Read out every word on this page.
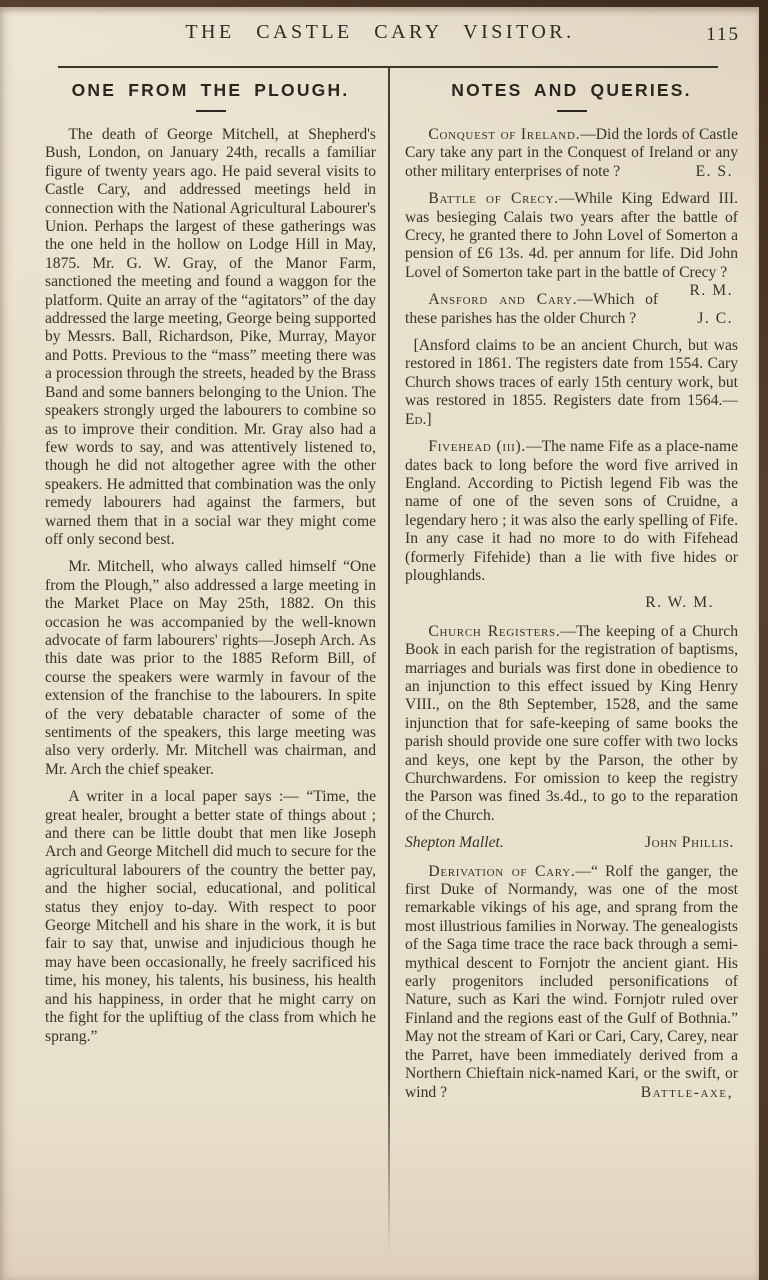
THE CASTLE CARY VISITOR.	115
ONE FROM THE PLOUGH.

The death of George Mitchell, at Shepherd's Bush, London, on January 24th, recalls a familiar figure of twenty years ago. He paid several visits to Castle Cary, and addressed meetings held in connection with the National Agricultural Labourer's Union. Perhaps the largest of these gatherings was the one held in the hollow on Lodge Hill in May, 1875. Mr. G. W. Gray, of the Manor Farm, sanctioned the meeting and found a waggon for the platform. Quite an array of the “agitators” of the day addressed the large meeting, George being supported by Messrs. Ball, Richardson, Pike, Murray, Mayor and Potts. Previous to the “mass” meeting there was a procession through the streets, headed by the Brass Band and some banners belonging to the Union. The speakers strongly urged the labourers to combine so as to improve their condition. Mr. Gray also had a few words to say, and was attentively listened to, though he did not altogether agree with the other speakers. He admitted that combination was the only remedy labourers had against the farmers, but warned them that in a social war they might come off only second best.

Mr. Mitchell, who always called himself “One from the Plough,” also addressed a large meeting in the Market Place on May 25th, 1882. On this occasion he was accompanied by the well-known advocate of farm labourers' rights—Joseph Arch. As this date was prior to the 1885 Reform Bill, of course the speakers were warmly in favour of the extension of the franchise to the labourers. In spite of the very debatable character of some of the sentiments of the speakers, this large meeting was also very orderly. Mr. Mitchell was chairman, and Mr. Arch the chief speaker.

A writer in a local paper says :— “Time, the great healer, brought a better state of things about ; and there can be little doubt that men like Joseph Arch and George Mitchell did much to secure for the agricultural labourers of the country the better pay, and the higher social, educational, and political status they enjoy to-day. With respect to poor George Mitchell and his share in the work, it is but fair to say that, unwise and injudicious though he may have been occasionally, he freely sacrificed his time, his money, his talents, his business, his health and his happiness, in order that he might carry on the fight for the upliftiug of the class from which he sprang.”

NOTES AND QUERIES.

Conquest of Ireland.—Did the lords of Castle Cary take any part in the Conquest of Ireland or any other military enterprises of note ?	E. S.

Battle of Crecy.—While King Edward III. was besieging Calais two years after the battle of Crecy, he granted there to John Lovel of Somerton a pension of £6 13s. 4d. per annum for life. Did John Lovel of Somerton take part in the battle of Crecy ?
R. M.

Ansford and Cary.—Which of these parishes has the older Church ?	J. C.

[Ansford claims to be an ancient Church, but was restored in 1861. The registers date from 1554. Cary Church shows traces of early 15th century work, but was restored in 1855. Registers date from 1564.—Ed.]

Fivehead (iii).—The name Fife as a place-name dates back to long before the word five arrived in England. According to Pictish legend Fib was the name of one of the seven sons of Cruidne, a legendary hero ; it was also the early spelling of Fife. In any case it had no more to do with Fifehead (formerly Fifehide) than a lie with five hides or ploughlands.

R. W. M.

Church Registers.—The keeping of a Church Book in each parish for the registration of baptisms, marriages and burials was first done in obedience to an injunction to this effect issued by King Henry VIII., on the 8th September, 1528, and the same injunction that for safe-keeping of same books the parish should provide one sure coffer with two locks and keys, one kept by the Parson, the other by Churchwardens. For omission to keep the registry the Parson was fined 3s.4d., to go to the reparation of the Church.

Shepton Mallet.	John Phillis.

Derivation of Cary.—“ Rolf the ganger, the first Duke of Normandy, was one of the most remarkable vikings of his age, and sprang from the most illustrious families in Norway. The genealogists of the Saga time trace the race back through a semi-mythical descent to Fornjotr the ancient giant. His early progenitors included personifications of Nature, such as Kari the wind. Fornjotr ruled over Finland and the regions east of the Gulf of Bothnia.” May not the stream of Kari or Cari, Cary, Carey, near the Parret, have been immediately derived from a Northern Chieftain nick-named Kari, or the swift, or wind ?	Battle-axe,
